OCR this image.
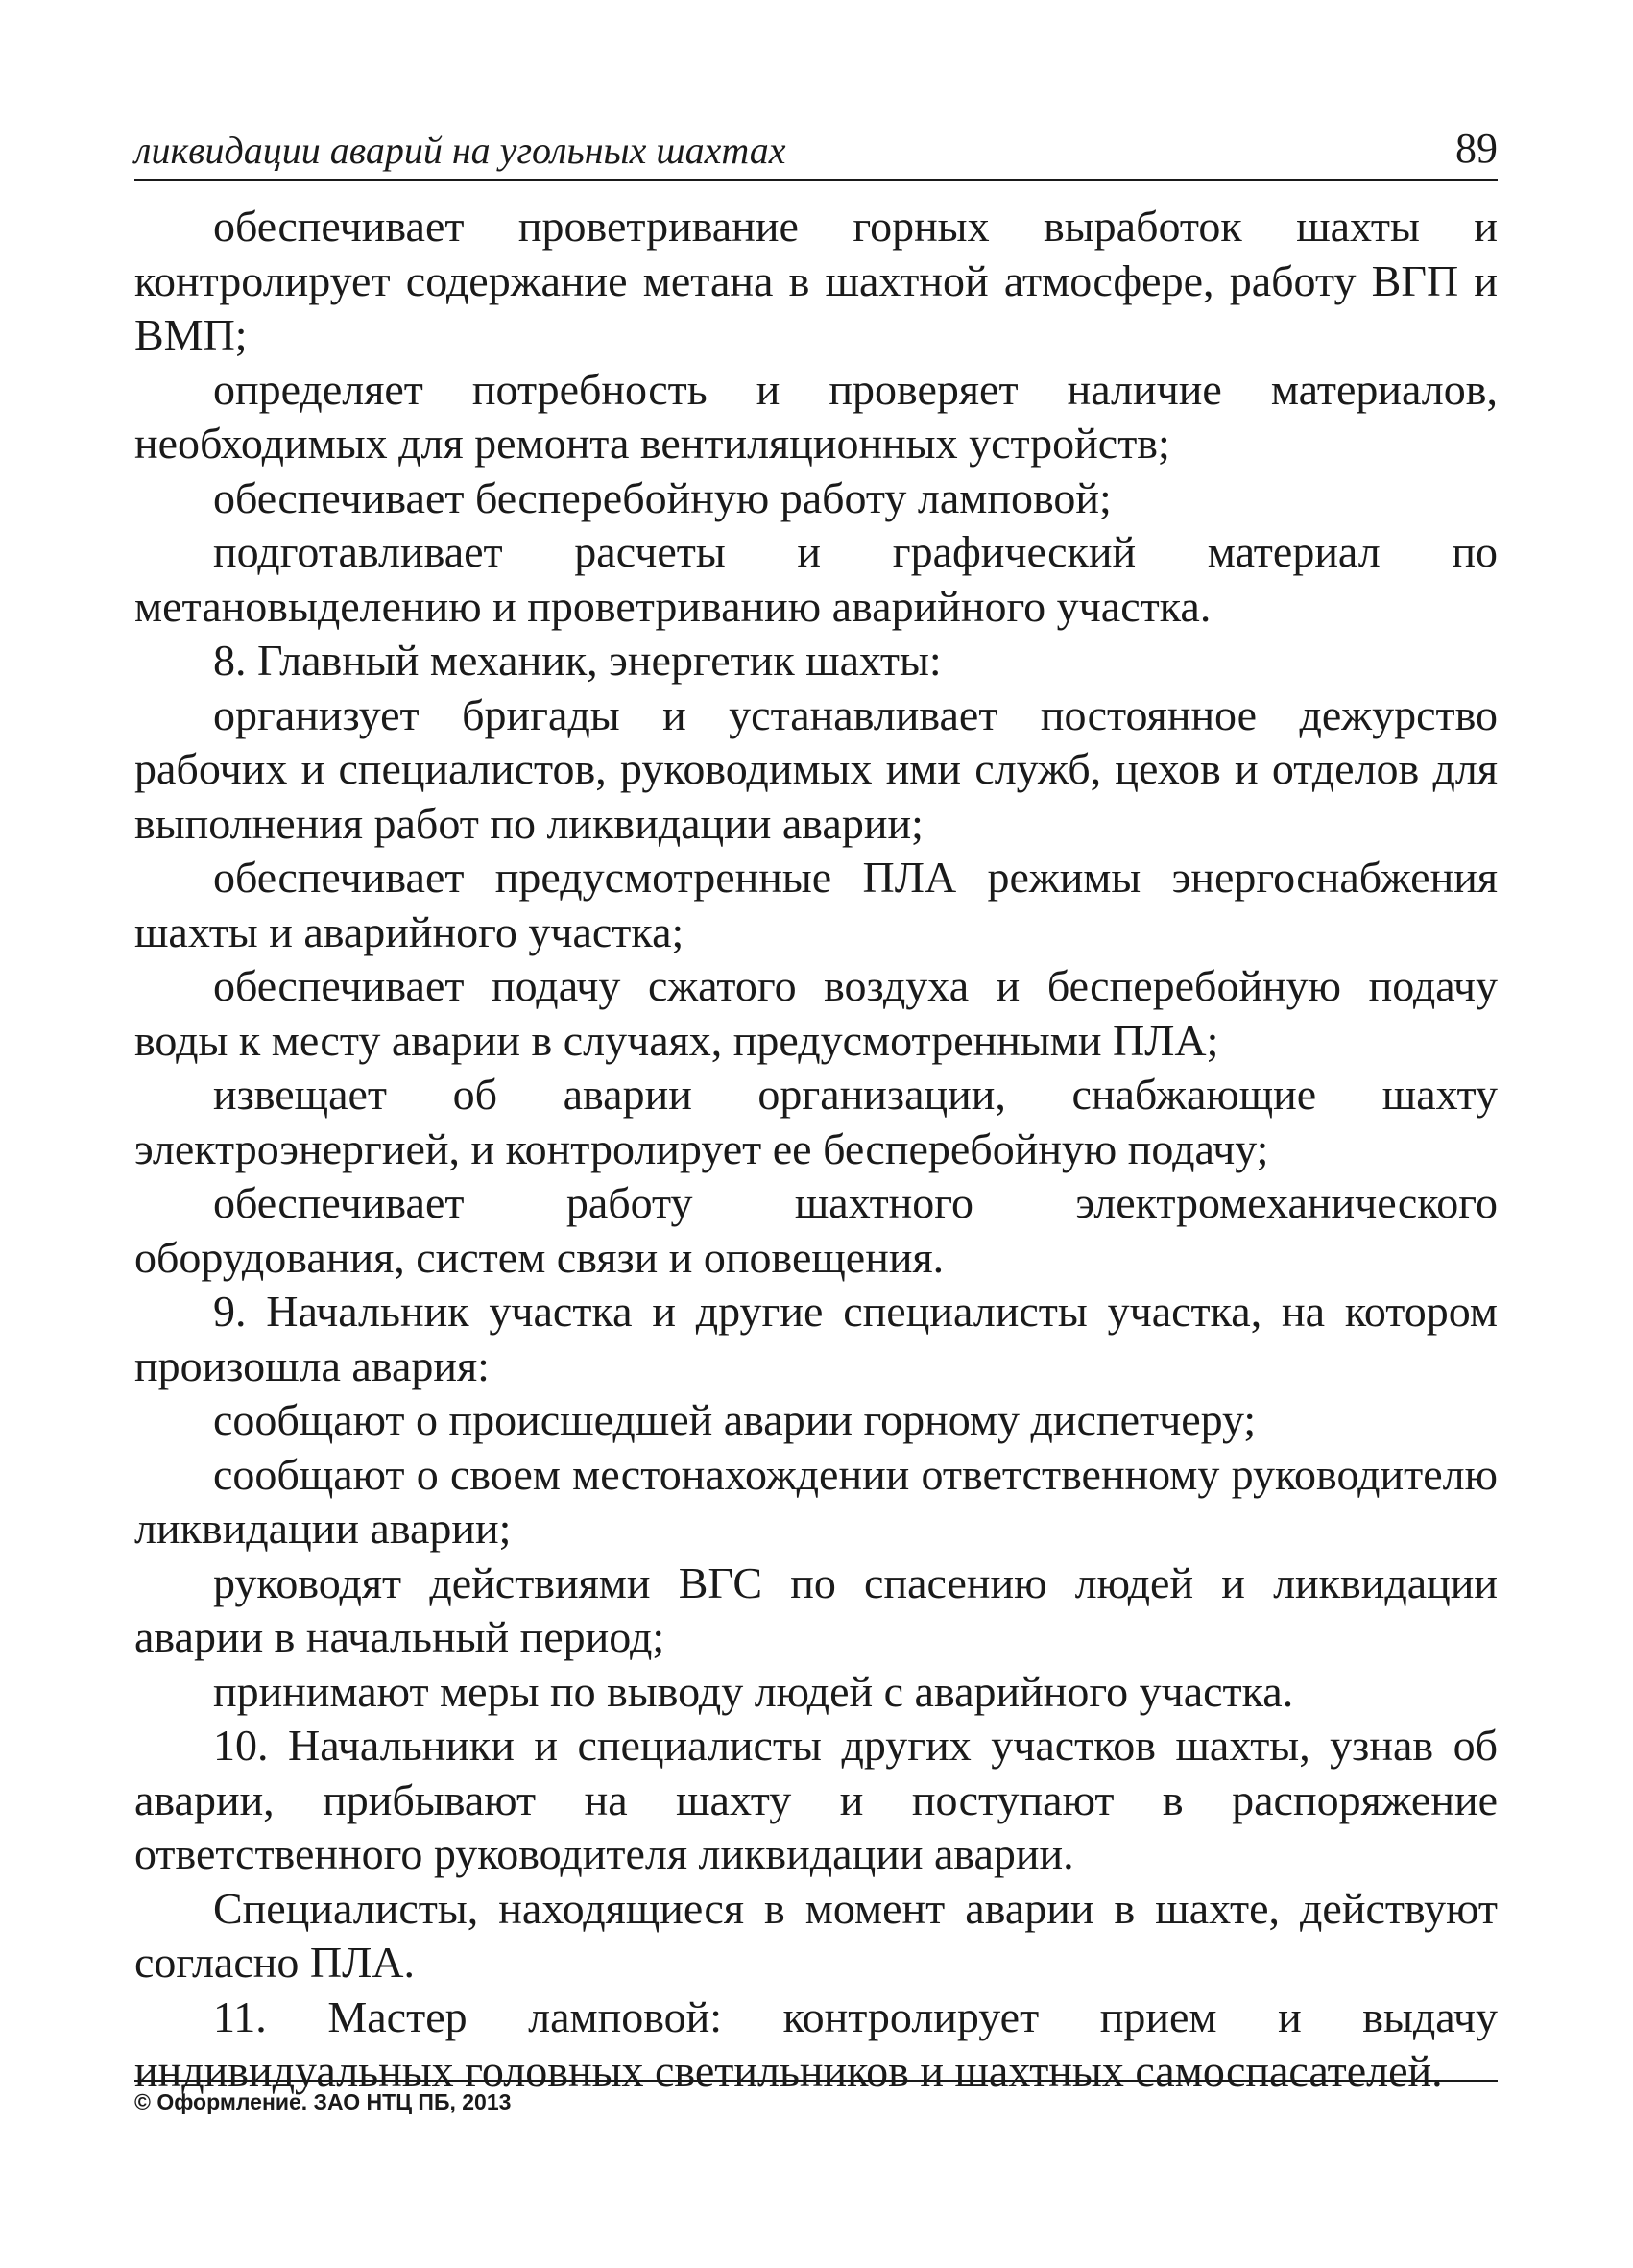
ликвидации аварий на угольных шахтах	89

обеспечивает проветривание горных выработок шахты и контролирует содержание метана в шахтной атмосфере, работу ВГП и ВМП;

определяет потребность и проверяет наличие материалов, необходимых для ремонта вентиляционных устройств;

обеспечивает бесперебойную работу ламповой;

подготавливает расчеты и графический материал по метановыделению и проветриванию аварийного участка.

8. Главный механик, энергетик шахты:

организует бригады и устанавливает постоянное дежурство рабочих и специалистов, руководимых ими служб, цехов и отделов для выполнения работ по ликвидации аварии;

обеспечивает предусмотренные ПЛА режимы энергоснабжения шахты и аварийного участка;

обеспечивает подачу сжатого воздуха и бесперебойную подачу воды к месту аварии в случаях, предусмотренными ПЛА;

извещает об аварии организации, снабжающие шахту электроэнергией, и контролирует ее бесперебойную подачу;

обеспечивает работу шахтного электромеханического оборудования, систем связи и оповещения.

9. Начальник участка и другие специалисты участка, на котором произошла авария:

сообщают о происшедшей аварии горному диспетчеру;

сообщают о своем местонахождении ответственному руководителю ликвидации аварии;

руководят действиями ВГС по спасению людей и ликвидации аварии в начальный период;

принимают меры по выводу людей с аварийного участка.

10. Начальники и специалисты других участков шахты, узнав об аварии, прибывают на шахту и поступают в распоряжение ответственного руководителя ликвидации аварии.

Специалисты, находящиеся в момент аварии в шахте, действуют согласно ПЛА.

11. Мастер ламповой: контролирует прием и выдачу индивидуальных головных светильников и шахтных самоспасателей.

© Оформление. ЗАО НТЦ ПБ, 2013
